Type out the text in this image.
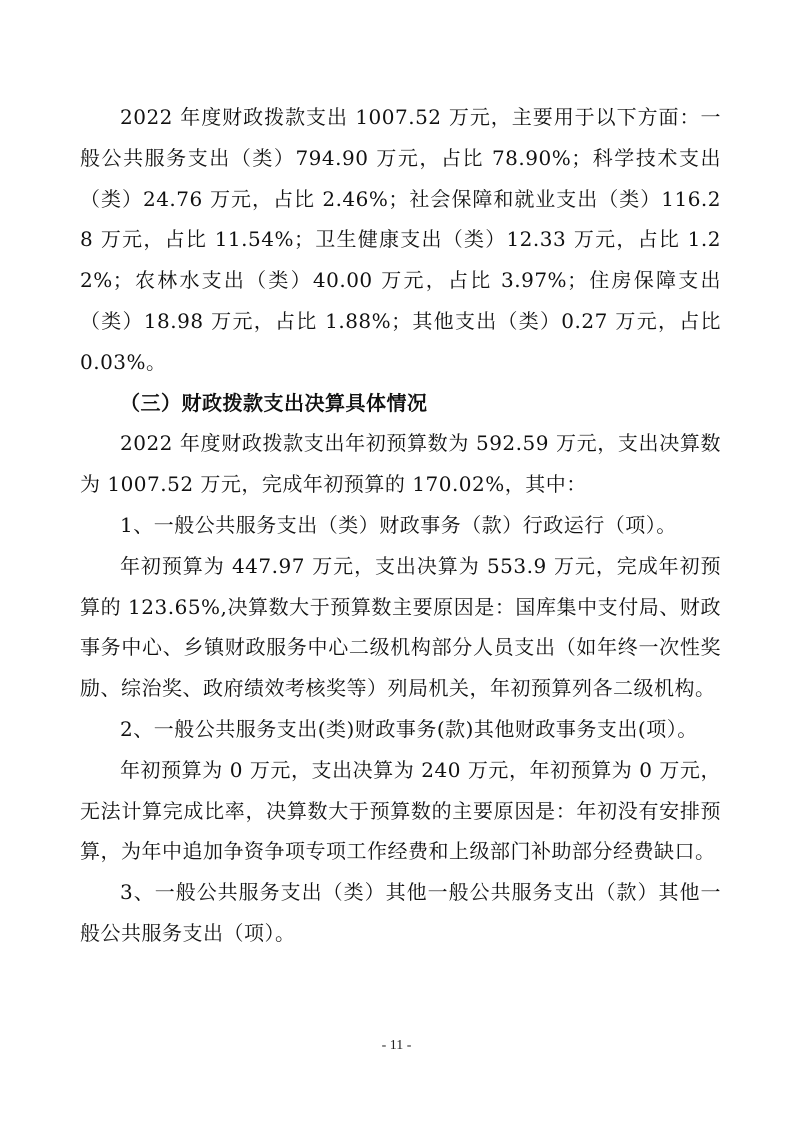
2022 年度财政拨款支出 1007.52 万元，主要用于以下方面：一般公共服务支出（类）794.90 万元，占比 78.90%；科学技术支出（类）24.76 万元，占比 2.46%；社会保障和就业支出（类）116.28 万元，占比 11.54%；卫生健康支出（类）12.33 万元，占比 1.22%；农林水支出（类）40.00 万元，占比 3.97%；住房保障支出（类）18.98 万元，占比 1.88%；其他支出（类）0.27 万元，占比 0.03%。

（三）财政拨款支出决算具体情况

2022 年度财政拨款支出年初预算数为 592.59 万元，支出决算数为 1007.52 万元，完成年初预算的 170.02%，其中：

1、一般公共服务支出（类）财政事务（款）行政运行（项）。

年初预算为 447.97 万元，支出决算为 553.9 万元，完成年初预算的 123.65%,决算数大于预算数主要原因是：国库集中支付局、财政事务中心、乡镇财政服务中心二级机构部分人员支出（如年终一次性奖励、综治奖、政府绩效考核奖等）列局机关，年初预算列各二级机构。

2、一般公共服务支出(类)财政事务(款)其他财政事务支出(项）。

年初预算为 0 万元，支出决算为 240 万元，年初预算为 0 万元，无法计算完成比率，决算数大于预算数的主要原因是：年初没有安排预算，为年中追加争资争项专项工作经费和上级部门补助部分经费缺口。

3、一般公共服务支出（类）其他一般公共服务支出（款）其他一般公共服务支出（项）。

- 11 -
